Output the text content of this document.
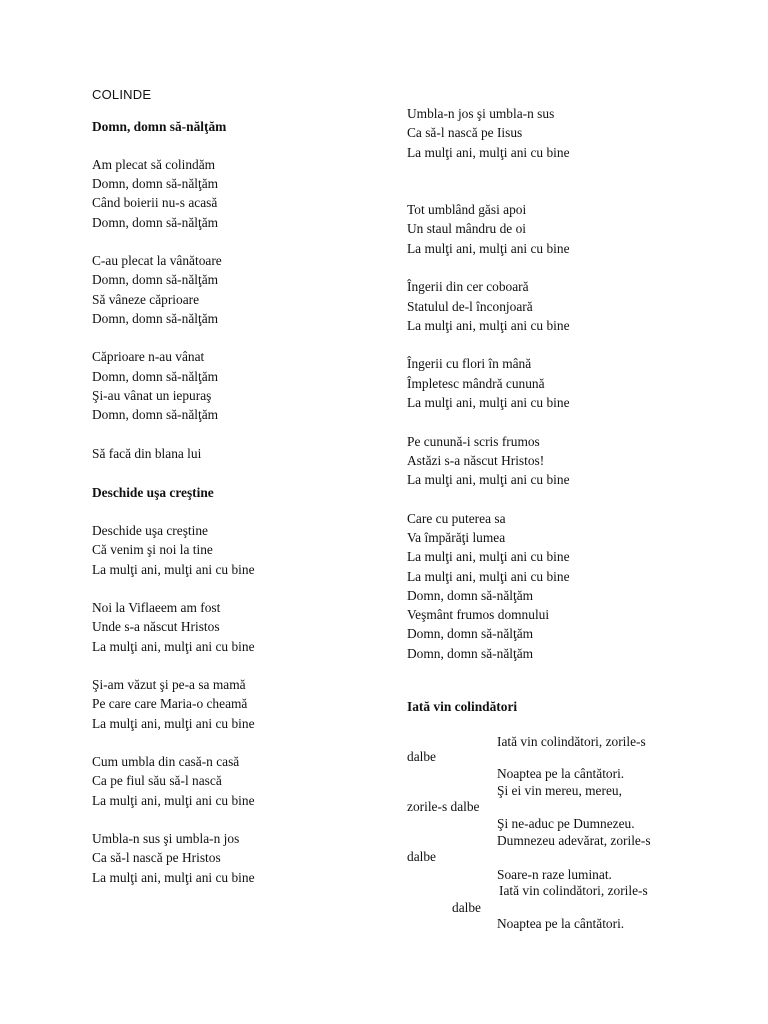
COLINDE
Domn, domn să-nălţăm
Am plecat să colindăm
Domn, domn să-nălţăm
Când boierii nu-s acasă
Domn, domn să-nălţăm
C-au plecat la vânătoare
Domn, domn să-nălţăm
Să vâneze căprioare
Domn, domn să-nălţăm
Căprioare n-au vânat
Domn, domn să-nălţăm
Şi-au vânat un iepuraş
Domn, domn să-nălţăm
Să facă din blana lui
Deschide uşa creştine
Deschide uşa creştine
Că venim şi noi la tine
La mulţi ani, mulţi ani cu bine
Noi la Viflaeem am fost
Unde s-a născut Hristos
La mulţi ani, mulţi ani cu bine
Şi-am văzut şi pe-a sa mamă
Pe care care Maria-o cheamă
La mulţi ani, mulţi ani cu bine
Cum umbla din casă-n casă
Ca pe fiul său să-l nască
La mulţi ani, mulţi ani cu bine
Umbla-n sus şi umbla-n jos
Ca să-l nască pe Hristos
La mulţi ani, mulţi ani cu bine
Umbla-n jos şi umbla-n sus
Ca să-l nască pe Iisus
La mulţi ani, mulţi ani cu bine
Tot umblând găsi apoi
Un staul mândru de oi
La mulţi ani, mulţi ani cu bine
Îngerii din cer coboară
Statulul de-l înconjoară
La mulţi ani, mulţi ani cu bine
Îngerii cu flori în mână
Împletesc mândră cunună
La mulţi ani, mulţi ani cu bine
Pe cunună-i scris frumos
Astăzi s-a născut Hristos!
La mulţi ani, mulţi ani cu bine
Care cu puterea sa
Va împărăţi lumea
La mulţi ani, mulţi ani cu bine
La mulţi ani, mulţi ani cu bine
Domn, domn să-nălţăm
Veşmânt frumos domnului
Domn, domn să-nălţăm
Domn, domn să-nălţăm
Iată vin colindători
Iată vin colindători, zorile-s
dalbe
Noaptea pe la cântători.
Şi ei vin mereu, mereu,
zorile-s dalbe
Şi ne-aduc pe Dumnezeu.
Dumnezeu adevărat, zorile-s
dalbe
Soare-n raze luminat.
Iată vin colindători, zorile-s
dalbe
Noaptea pe la cântători.
